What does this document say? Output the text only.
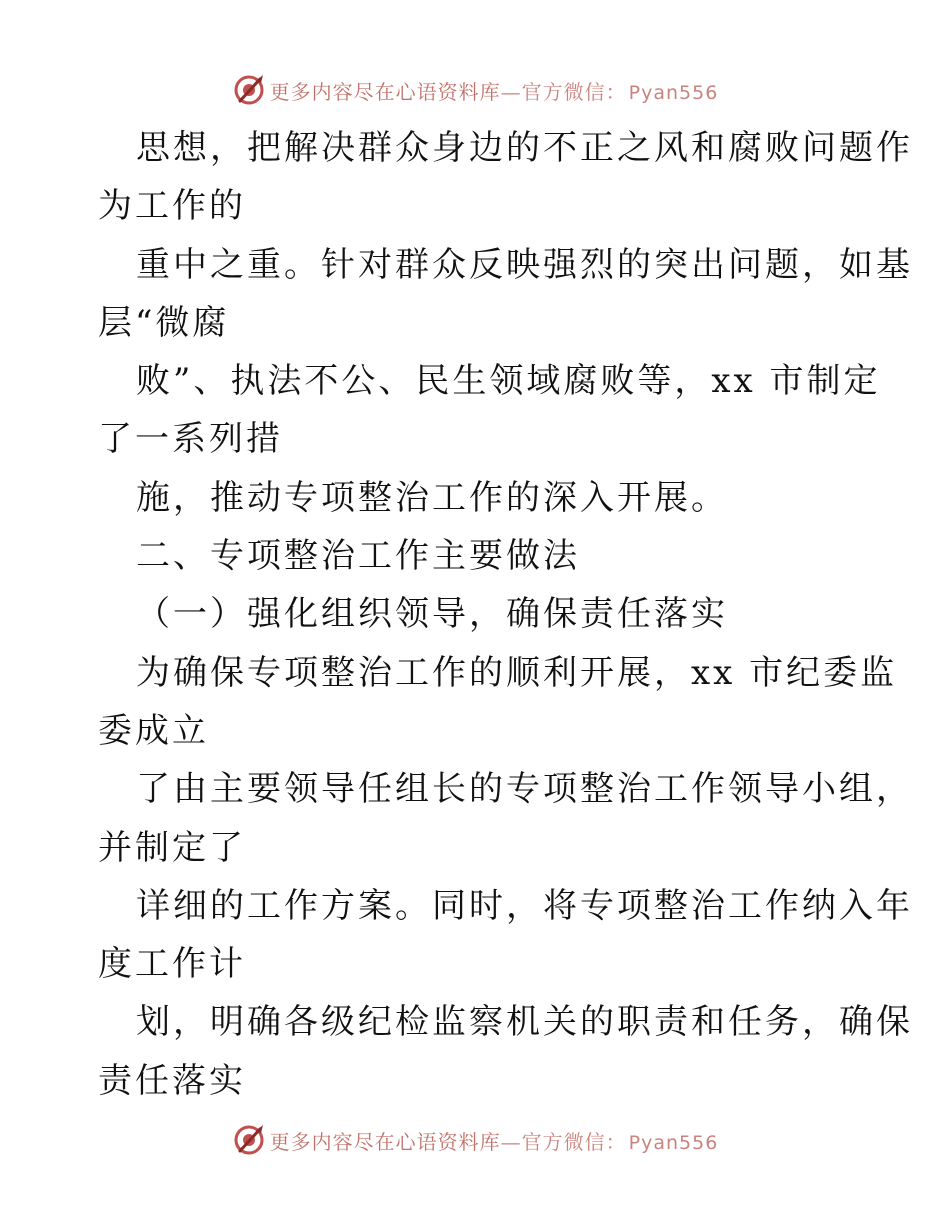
更多内容尽在心语资料库—官方微信： Pyan556
思想，把解决群众身边的不正之风和腐败问题作
为工作的
重中之重。针对群众反映强烈的突出问题，如基
层“微腐
败”、执法不公、民生领域腐败等，xx 市制定
了一系列措
施，推动专项整治工作的深入开展。
二、专项整治工作主要做法
（一）强化组织领导，确保责任落实
为确保专项整治工作的顺利开展，xx 市纪委监
委成立
了由主要领导任组长的专项整治工作领导小组，
并制定了
详细的工作方案。同时，将专项整治工作纳入年
度工作计
划，明确各级纪检监察机关的职责和任务，确保
责任落实
更多内容尽在心语资料库—官方微信： Pyan556
